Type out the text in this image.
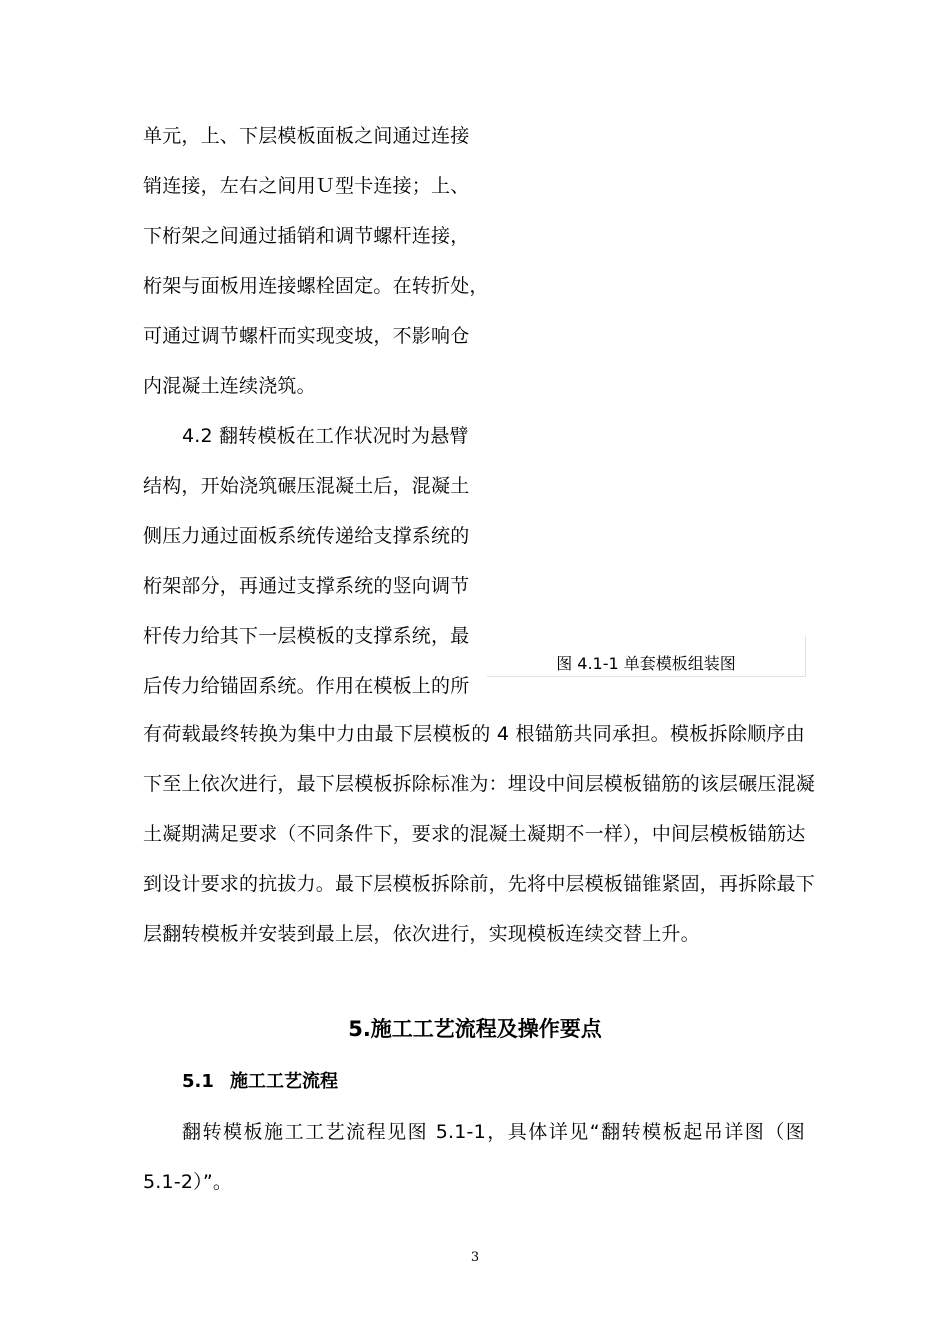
单元，上、下层模板面板之间通过连接
销连接，左右之间用Ｕ型卡连接；上、
下桁架之间通过插销和调节螺杆连接，
桁架与面板用连接螺栓固定。在转折处，
可通过调节螺杆而实现变坡，不影响仓
内混凝土连续浇筑。
4.2 翻转模板在工作状况时为悬臂
结构，开始浇筑碾压混凝土后，混凝土
侧压力通过面板系统传递给支撑系统的
桁架部分，再通过支撑系统的竖向调节
杆传力给其下一层模板的支撑系统，最
后传力给锚固系统。作用在模板上的所
图 4.1-1 单套模板组装图
有荷载最终转换为集中力由最下层模板的 4 根锚筋共同承担。模板拆除顺序由
下至上依次进行，最下层模板拆除标准为：埋设中间层模板锚筋的该层碾压混凝
土凝期满足要求（不同条件下，要求的混凝土凝期不一样），中间层模板锚筋达
到设计要求的抗拔力。最下层模板拆除前，先将中层模板锚锥紧固，再拆除最下
层翻转模板并安装到最上层，依次进行，实现模板连续交替上升。
5.施工工艺流程及操作要点
5.1 施工工艺流程
翻转模板施工工艺流程见图 5.1-1，具体详见“翻转模板起吊详图（图
5.1-2）”。
3
